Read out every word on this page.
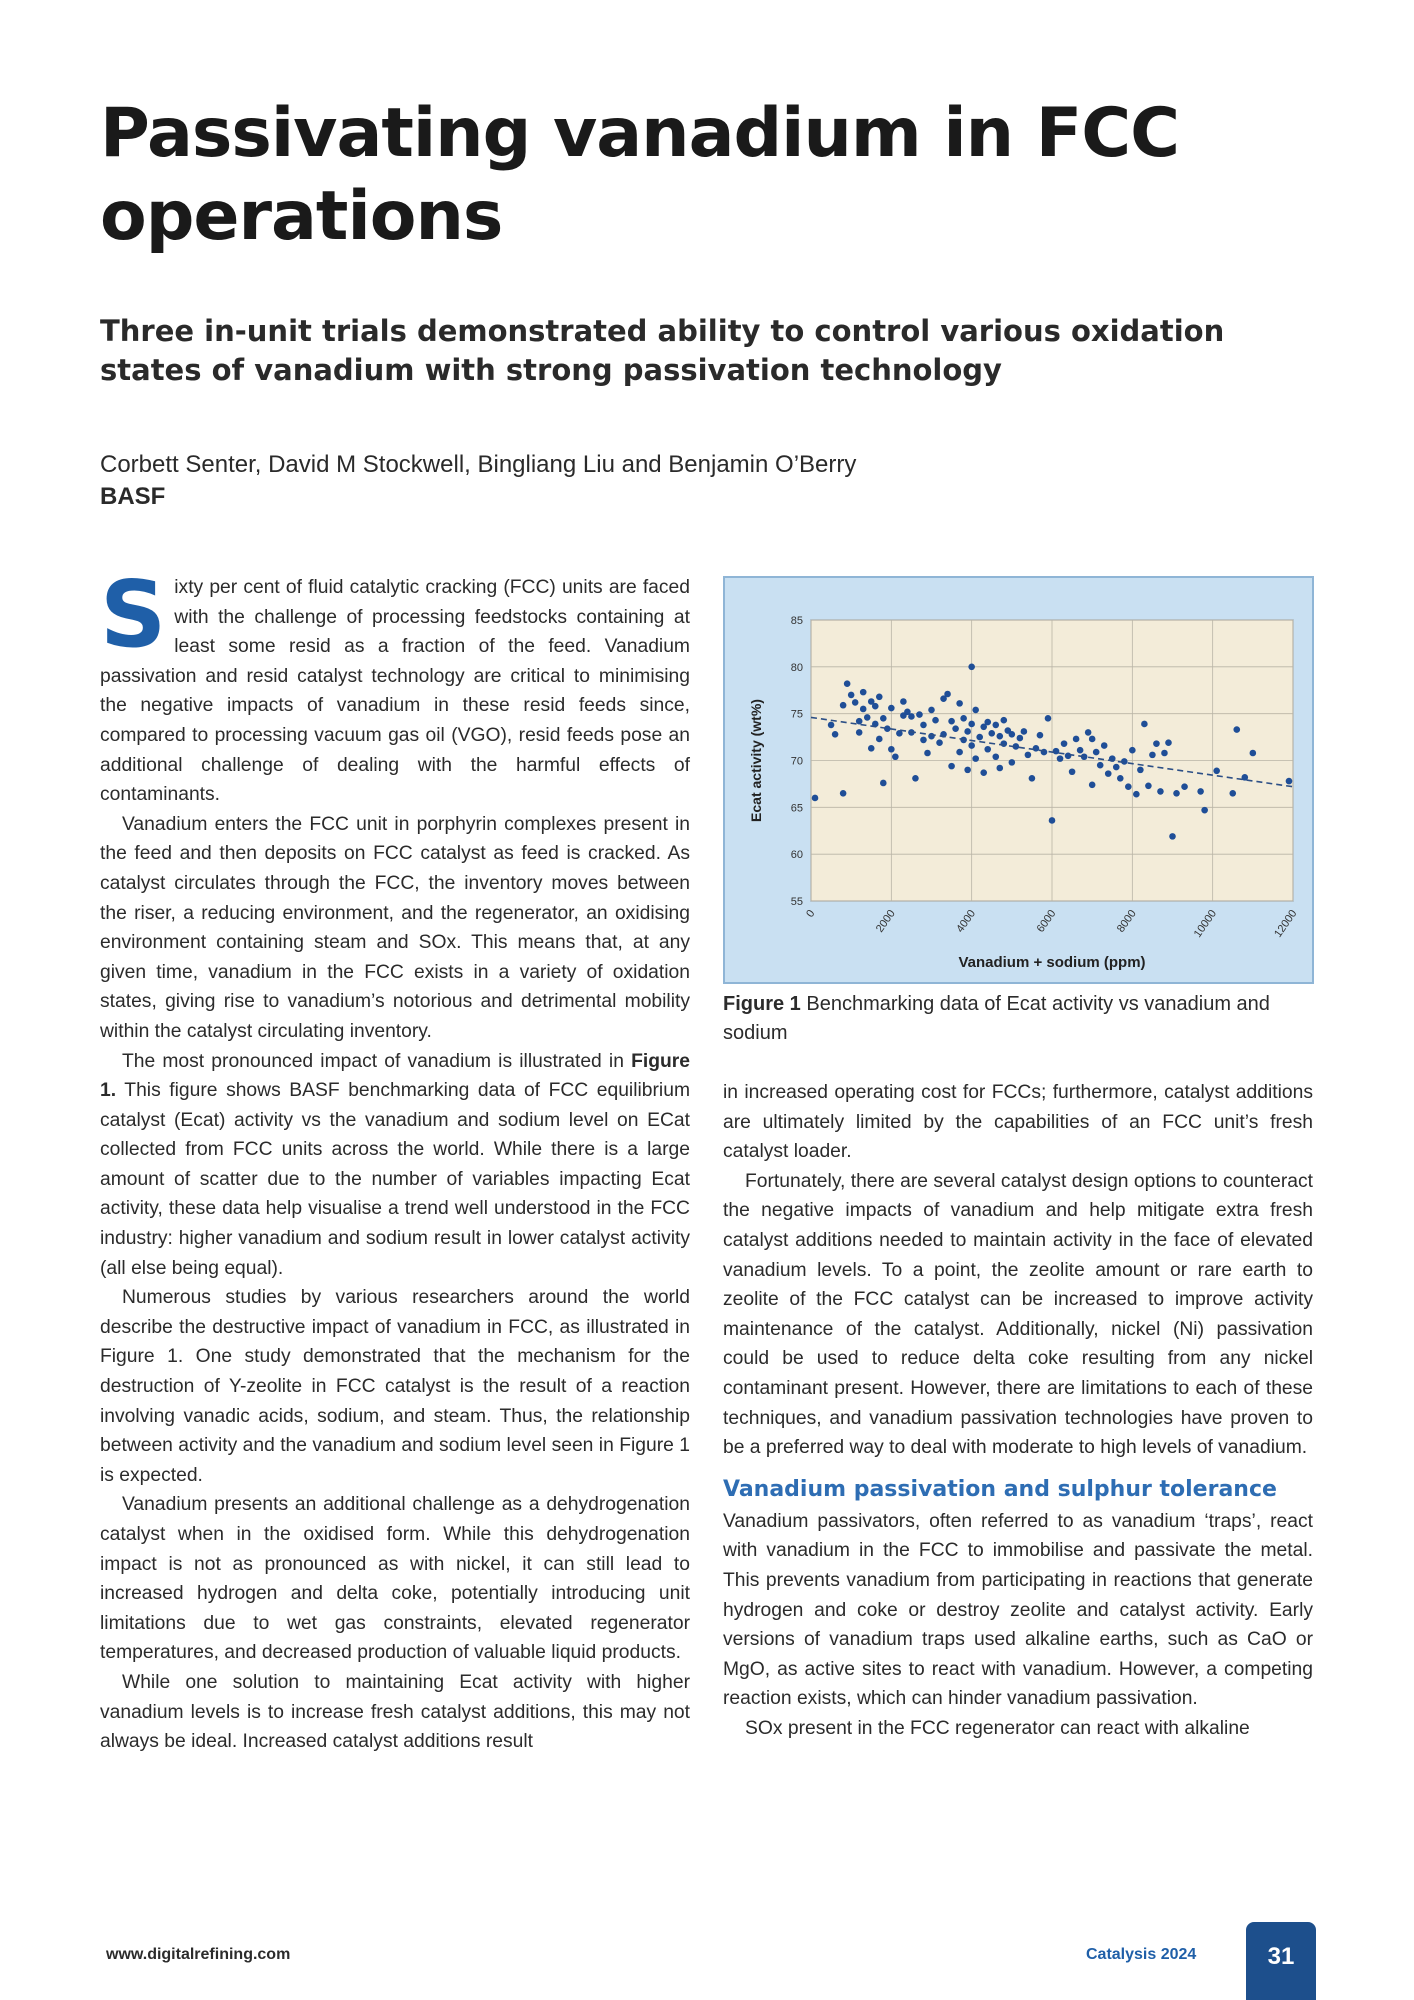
Passivating vanadium in FCC
operations
Three in-unit trials demonstrated ability to control various oxidation states of vanadium with strong passivation technology
Corbett Senter, David M Stockwell, Bingliang Liu and Benjamin O’Berry
BASF

Sixty per cent of fluid catalytic cracking (FCC) units are faced with the challenge of processing feedstocks containing at least some resid as a fraction of the feed. Vanadium passivation and resid catalyst technology are critical to minimising the negative impacts of vanadium in these resid feeds since, compared to processing vacuum gas oil (VGO), resid feeds pose an additional challenge of dealing with the harmful effects of contaminants.

Vanadium enters the FCC unit in porphyrin complexes present in the feed and then deposits on FCC catalyst as feed is cracked. As catalyst circulates through the FCC, the inventory moves between the riser, a reducing environment, and the regenerator, an oxidising environment containing steam and SOx. This means that, at any given time, vanadium in the FCC exists in a variety of oxidation states, giving rise to vanadium’s notorious and detrimental mobility within the catalyst circulating inventory.

The most pronounced impact of vanadium is illustrated in Figure 1. This figure shows BASF benchmarking data of FCC equilibrium catalyst (Ecat) activity vs the vanadium and sodium level on ECat collected from FCC units across the world. While there is a large amount of scatter due to the number of variables impacting Ecat activity, these data help visualise a trend well understood in the FCC industry: higher vanadium and sodium result in lower catalyst activity (all else being equal).

Numerous studies by various researchers around the world describe the destructive impact of vanadium in FCC, as illustrated in Figure 1. One study demonstrated that the mechanism for the destruction of Y-zeolite in FCC catalyst is the result of a reaction involving vanadic acids, sodium, and steam. Thus, the relationship between activity and the vanadium and sodium level seen in Figure 1 is expected.

Vanadium presents an additional challenge as a dehydrogenation catalyst when in the oxidised form. While this dehydrogenation impact is not as pronounced as with nickel, it can still lead to increased hydrogen and delta coke, potentially introducing unit limitations due to wet gas constraints, elevated regenerator temperatures, and decreased production of valuable liquid products.

While one solution to maintaining Ecat activity with higher vanadium levels is to increase fresh catalyst additions, this may not always be ideal. Increased catalyst additions result

0	2000	4000	6000	8000	10000	12000
55
60
65
70
75
80
85
Vanadium + sodium (ppm)
Ecat activity (wt%)
Figure 1 Benchmarking data of Ecat activity vs vanadium and sodium

in increased operating cost for FCCs; furthermore, catalyst additions are ultimately limited by the capabilities of an FCC unit’s fresh catalyst loader.

Fortunately, there are several catalyst design options to counteract the negative impacts of vanadium and help mitigate extra fresh catalyst additions needed to maintain activity in the face of elevated vanadium levels. To a point, the zeolite amount or rare earth to zeolite of the FCC catalyst can be increased to improve activity maintenance of the catalyst. Additionally, nickel (Ni) passivation could be used to reduce delta coke resulting from any nickel contaminant present. However, there are limitations to each of these techniques, and vanadium passivation technologies have proven to be a preferred way to deal with moderate to high levels of vanadium.

Vanadium passivation and sulphur tolerance

Vanadium passivators, often referred to as vanadium ‘traps’, react with vanadium in the FCC to immobilise and passivate the metal. This prevents vanadium from participating in reactions that generate hydrogen and coke or destroy zeolite and catalyst activity. Early versions of vanadium traps used alkaline earths, such as CaO or MgO, as active sites to react with vanadium. However, a competing reaction exists, which can hinder vanadium passivation.

SOx present in the FCC regenerator can react with alkaline

www.digitalrefining.com	Catalysis 2024	31
